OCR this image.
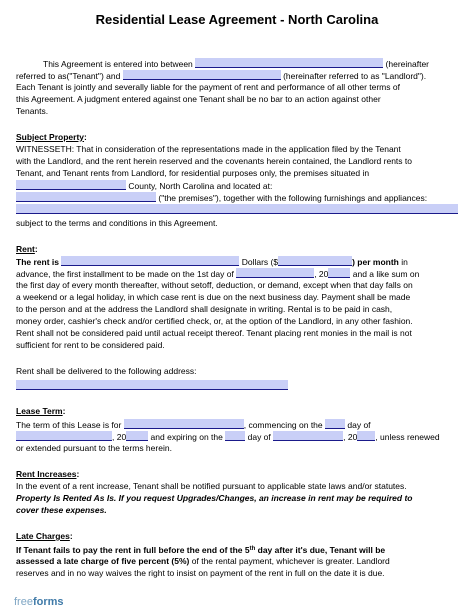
Residential Lease Agreement - North Carolina
This Agreement is entered into between	(hereinafter
referred to as("Tenant") and	(hereinafter referred to as "Landlord").
Each Tenant is jointly and severally liable for the payment of rent and performance of all other terms of
this Agreement. A judgment entered against one Tenant shall be no bar to an action against other
Tenants.
Subject Property:
WITNESSETH: That in consideration of the representations made in the application filed by the Tenant
with the Landlord, and the rent herein reserved and the covenants herein contained, the Landlord rents to
Tenant, and Tenant rents from Landlord, for residential purposes only, the premises situated in
County, North Carolina and located at:
("the premises"), together with the following furnishings and appliances:
subject to the terms and conditions in this Agreement.
Rent:
The rent is	Dollars ($	) per month in
advance, the first installment to be made on the 1st day of	, 20	and a like sum on
the first day of every month thereafter, without setoff, deduction, or demand, except when that day falls on
a weekend or a legal holiday, in which case rent is due on the next business day. Payment shall be made
to the person and at the address the Landlord shall designate in writing. Rental is to be paid in cash,
money order, cashier's check and/or certified check, or, at the option of the Landlord, in any other fashion.
Rent shall not be considered paid until actual receipt thereof. Tenant placing rent monies in the mail is not
sufficient for rent to be considered paid.
Rent shall be delivered to the following address:
Lease Term:
The term of this Lease is for	, commencing on the	day of
, 20	and expiring on the	day of	, 20 , unless renewed
or extended pursuant to the terms herein.
Rent Increases:
In the event of a rent increase, Tenant shall be notified pursuant to applicable state laws and/or statutes.
Property Is Rented As Is. If you request Upgrades/Changes, an increase in rent may be required to
cover these expenses.
Late Charges:
If Tenant fails to pay the rent in full before the end of the 5th day after it's due, Tenant will be
assessed a late charge of five percent (5%) of the rental payment, whichever is greater. Landlord
reserves and in no way waives the right to insist on payment of the rent in full on the date it is due.
freeforms
